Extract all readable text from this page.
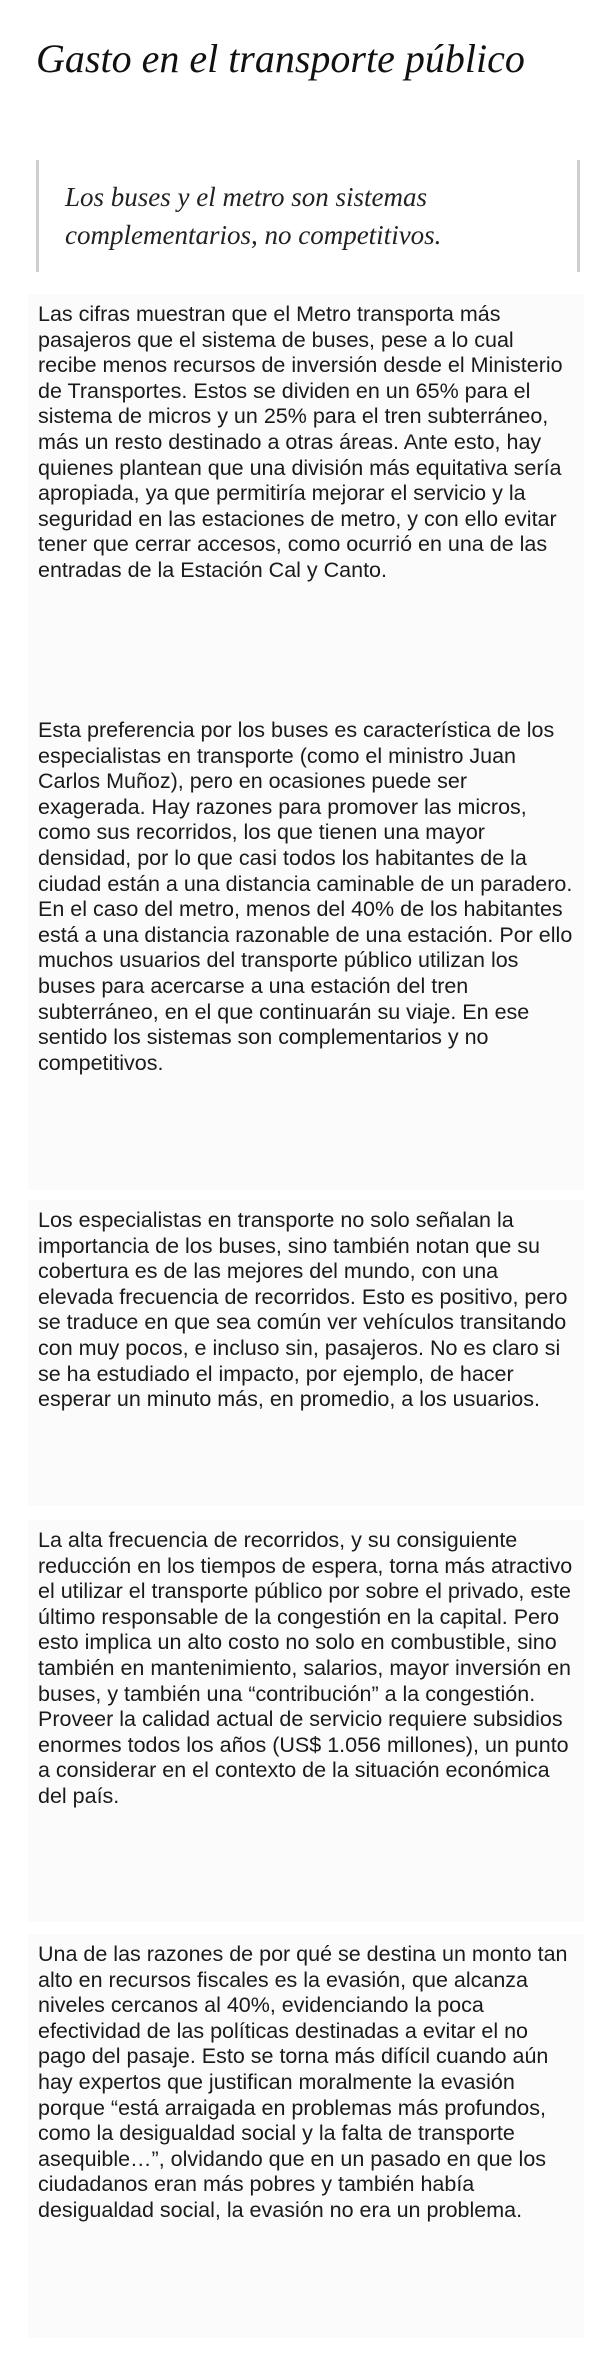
Gasto en el transporte público

Los buses y el metro son sistemas complementarios, no competitivos.

Las cifras muestran que el Metro transporta más pasajeros que el sistema de buses, pese a lo cual recibe menos recursos de inversión desde el Ministerio de Transportes. Estos se dividen en un 65% para el sistema de micros y un 25% para el tren subterráneo, más un resto destinado a otras áreas. Ante esto, hay quienes plantean que una división más equitativa sería apropiada, ya que permitiría mejorar el servicio y la seguridad en las estaciones de metro, y con ello evitar tener que cerrar accesos, como ocurrió en una de las entradas de la Estación Cal y Canto.

Esta preferencia por los buses es característica de los especialistas en transporte (como el ministro Juan Carlos Muñoz), pero en ocasiones puede ser exagerada. Hay razones para promover las micros, como sus recorridos, los que tienen una mayor densidad, por lo que casi todos los habitantes de la ciudad están a una distancia caminable de un paradero. En el caso del metro, menos del 40% de los habitantes está a una distancia razonable de una estación. Por ello muchos usuarios del transporte público utilizan los buses para acercarse a una estación del tren subterráneo, en el que continuarán su viaje. En ese sentido los sistemas son complementarios y no competitivos.

Los especialistas en transporte no solo señalan la importancia de los buses, sino también notan que su cobertura es de las mejores del mundo, con una elevada frecuencia de recorridos. Esto es positivo, pero se traduce en que sea común ver vehículos transitando con muy pocos, e incluso sin, pasajeros. No es claro si se ha estudiado el impacto, por ejemplo, de hacer esperar un minuto más, en promedio, a los usuarios.

La alta frecuencia de recorridos, y su consiguiente reducción en los tiempos de espera, torna más atractivo el utilizar el transporte público por sobre el privado, este último responsable de la congestión en la capital. Pero esto implica un alto costo no solo en combustible, sino también en mantenimiento, salarios, mayor inversión en buses, y también una “contribución” a la congestión. Proveer la calidad actual de servicio requiere subsidios enormes todos los años (US$ 1.056 millones), un punto a considerar en el contexto de la situación económica del país.

Una de las razones de por qué se destina un monto tan alto en recursos fiscales es la evasión, que alcanza niveles cercanos al 40%, evidenciando la poca efectividad de las políticas destinadas a evitar el no pago del pasaje. Esto se torna más difícil cuando aún hay expertos que justifican moralmente la evasión porque “está arraigada en problemas más profundos, como la desigualdad social y la falta de transporte asequible…”, olvidando que en un pasado en que los ciudadanos eran más pobres y también había desigualdad social, la evasión no era un problema.
